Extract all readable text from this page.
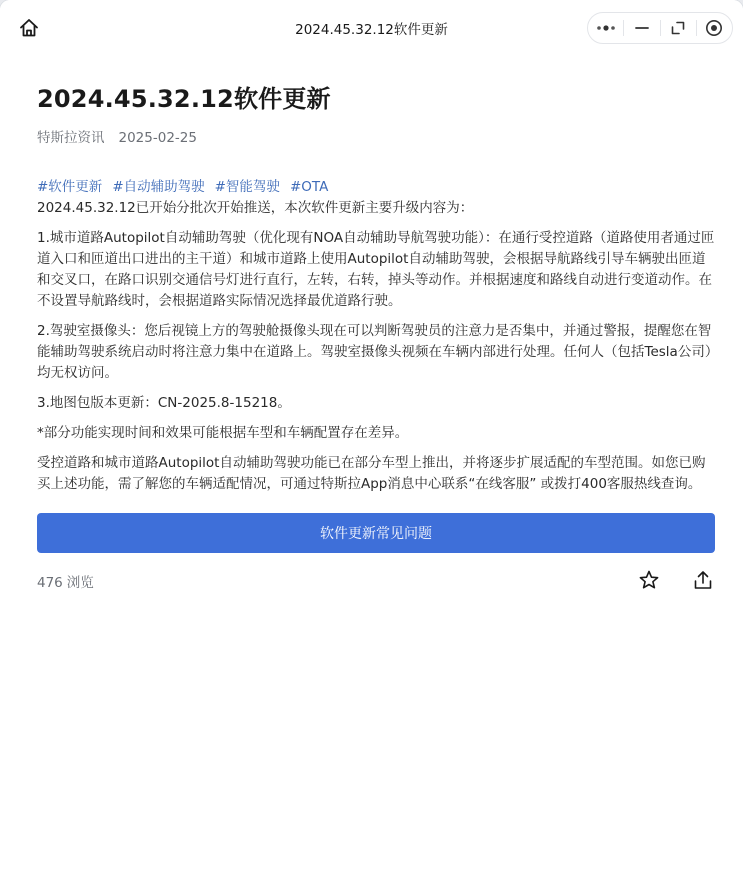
2024.45.32.12软件更新
2024.45.32.12软件更新
特斯拉资讯 2025-02-25
#软件更新 #自动辅助驾驶 #智能驾驶 #OTA

2024.45.32.12已开始分批次开始推送，本次软件更新主要升级内容为：

1.城市道路Autopilot自动辅助驾驶（优化现有NOA自动辅助导航驾驶功能）：在通行受控道路（道路使用者通过匝道入口和匝道出口进出的主干道）和城市道路上使用Autopilot自动辅助驾驶，会根据导航路线引导车辆驶出匝道和交叉口，在路口识别交通信号灯进行直行，左转，右转，掉头等动作。并根据速度和路线自动进行变道动作。在不设置导航路线时，会根据道路实际情况选择最优道路行驶。

2.驾驶室摄像头：您后视镜上方的驾驶舱摄像头现在可以判断驾驶员的注意力是否集中，并通过警报，提醒您在智能辅助驾驶系统启动时将注意力集中在道路上。驾驶室摄像头视频在车辆内部进行处理。任何人（包括Tesla公司）均无权访问。

3.地图包版本更新：CN-2025.8-15218。

*部分功能实现时间和效果可能根据车型和车辆配置存在差异。

受控道路和城市道路Autopilot自动辅助驾驶功能已在部分车型上推出，并将逐步扩展适配的车型范围。如您已购买上述功能，需了解您的车辆适配情况，可通过特斯拉App消息中心联系“在线客服” 或拨打400客服热线查询。

软件更新常见问题
476 浏览
